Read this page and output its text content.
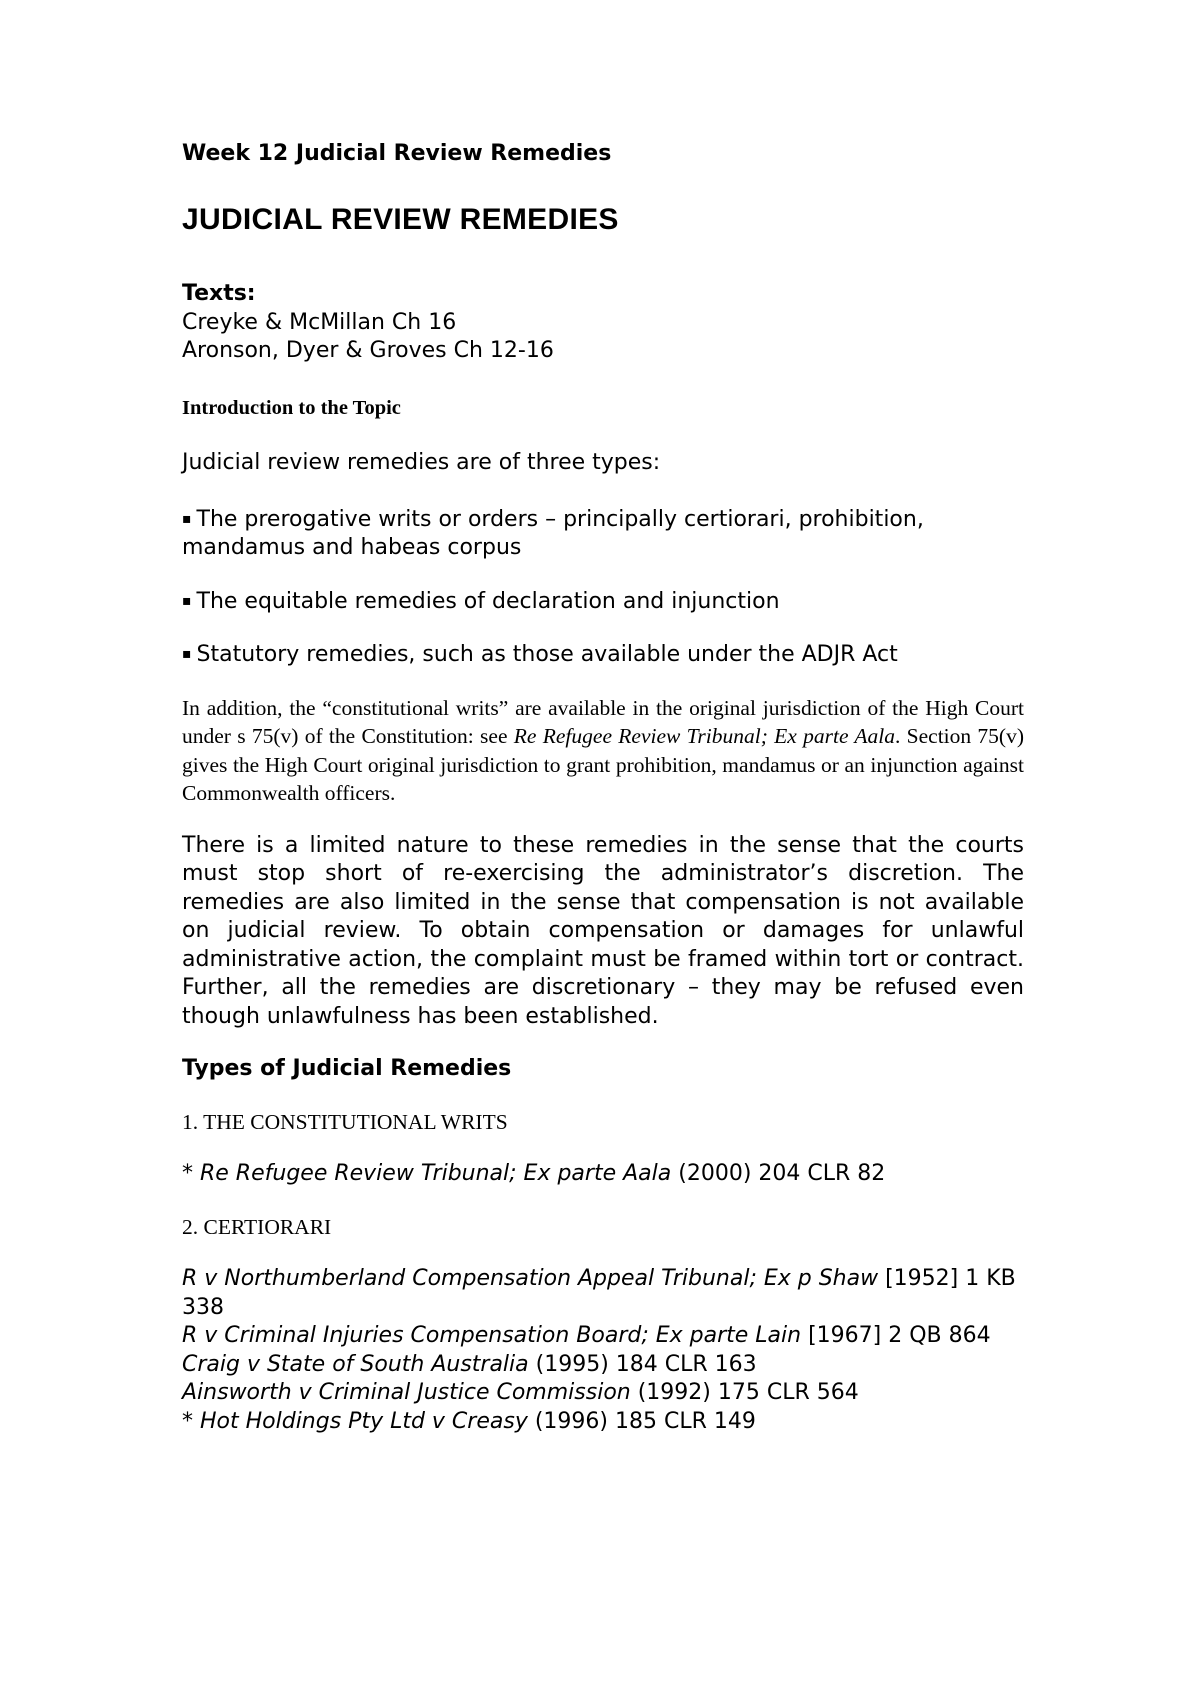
Week 12 Judicial Review Remedies

JUDICIAL REVIEW REMEDIES

Texts:

Creyke & McMillan Ch 16

Aronson, Dyer & Groves Ch 12-16

Introduction to the Topic

Judicial review remedies are of three types:

▪ The prerogative writs or orders – principally certiorari, prohibition, mandamus and habeas corpus

▪ The equitable remedies of declaration and injunction

▪ Statutory remedies, such as those available under the ADJR Act

In addition, the “constitutional writs” are available in the original jurisdiction of the High Court under s 75(v) of the Constitution: see Re Refugee Review Tribunal; Ex parte Aala. Section 75(v) gives the High Court original jurisdiction to grant prohibition, mandamus or an injunction against Commonwealth officers.

There is a limited nature to these remedies in the sense that the courts must stop short of re-exercising the administrator’s discretion. The remedies are also limited in the sense that compensation is not available on judicial review. To obtain compensation or damages for unlawful administrative action, the complaint must be framed within tort or contract. Further, all the remedies are discretionary – they may be refused even though unlawfulness has been established.

Types of Judicial Remedies

1. THE CONSTITUTIONAL WRITS

* Re Refugee Review Tribunal; Ex parte Aala (2000) 204 CLR 82

2. CERTIORARI

R v Northumberland Compensation Appeal Tribunal; Ex p Shaw [1952] 1 KB 338

R v Criminal Injuries Compensation Board; Ex parte Lain [1967] 2 QB 864

Craig v State of South Australia (1995) 184 CLR 163

Ainsworth v Criminal Justice Commission (1992) 175 CLR 564

* Hot Holdings Pty Ltd v Creasy (1996) 185 CLR 149
